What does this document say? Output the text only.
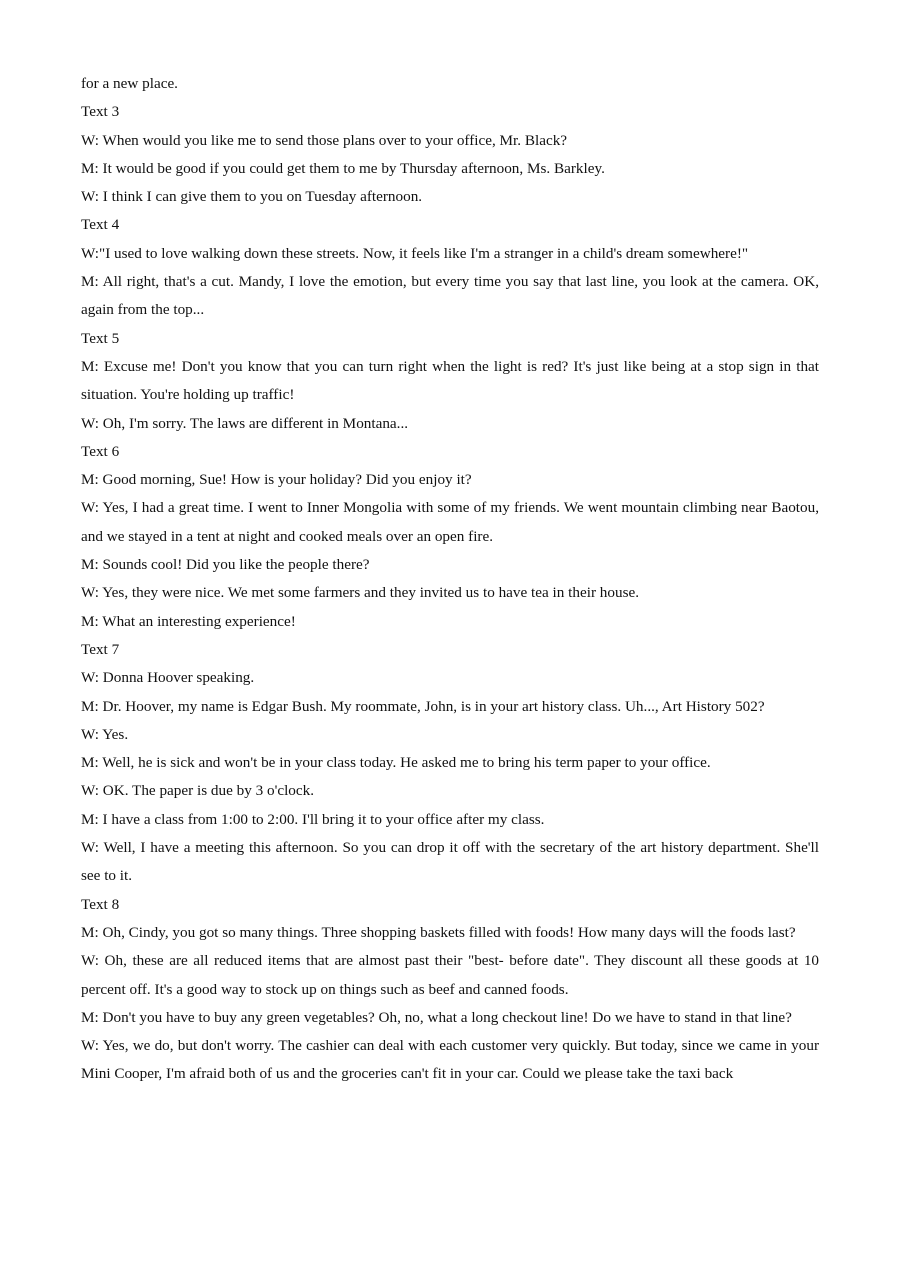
for a new place.

Text 3

W: When would you like me to send those plans over to your office, Mr. Black?

M: It would be good if you could get them to me by Thursday afternoon, Ms. Barkley.

W: I think I can give them to you on Tuesday afternoon.

Text 4

W:"I used to love walking down these streets. Now, it feels like I'm a stranger in a child's dream somewhere!"

M: All right, that's a cut. Mandy, I love the emotion, but every time you say that last line, you look at the camera. OK, again from the top...

Text 5

M: Excuse me! Don't you know that you can turn right when the light is red? It's just like being at a stop sign in that situation. You're holding up traffic!

W: Oh, I'm sorry. The laws are different in Montana...

Text 6

M: Good morning, Sue! How is your holiday? Did you enjoy it?

W: Yes, I had a great time. I went to Inner Mongolia with some of my friends. We went mountain climbing near Baotou, and we stayed in a tent at night and cooked meals over an open fire.

M: Sounds cool! Did you like the people there?

W: Yes, they were nice. We met some farmers and they invited us to have tea in their house.

M: What an interesting experience!

Text 7

W: Donna Hoover speaking.

M: Dr. Hoover, my name is Edgar Bush. My roommate, John, is in your art history class. Uh..., Art History 502?

W: Yes.

M: Well, he is sick and won't be in your class today. He asked me to bring his term paper to your office.

W: OK. The paper is due by 3 o'clock.

M: I have a class from 1:00 to 2:00. I'll bring it to your office after my class.

W: Well, I have a meeting this afternoon. So you can drop it off with the secretary of the art history department. She'll see to it.

Text 8

M: Oh, Cindy, you got so many things. Three shopping baskets filled with foods! How many days will the foods last?

W: Oh, these are all reduced items that are almost past their "best- before date". They discount all these goods at 10 percent off. It's a good way to stock up on things such as beef and canned foods.

M: Don't you have to buy any green vegetables? Oh, no, what a long checkout line! Do we have to stand in that line?

W: Yes, we do, but don't worry. The cashier can deal with each customer very quickly. But today, since we came in your Mini Cooper, I'm afraid both of us and the groceries can't fit in your car. Could we please take the taxi back
